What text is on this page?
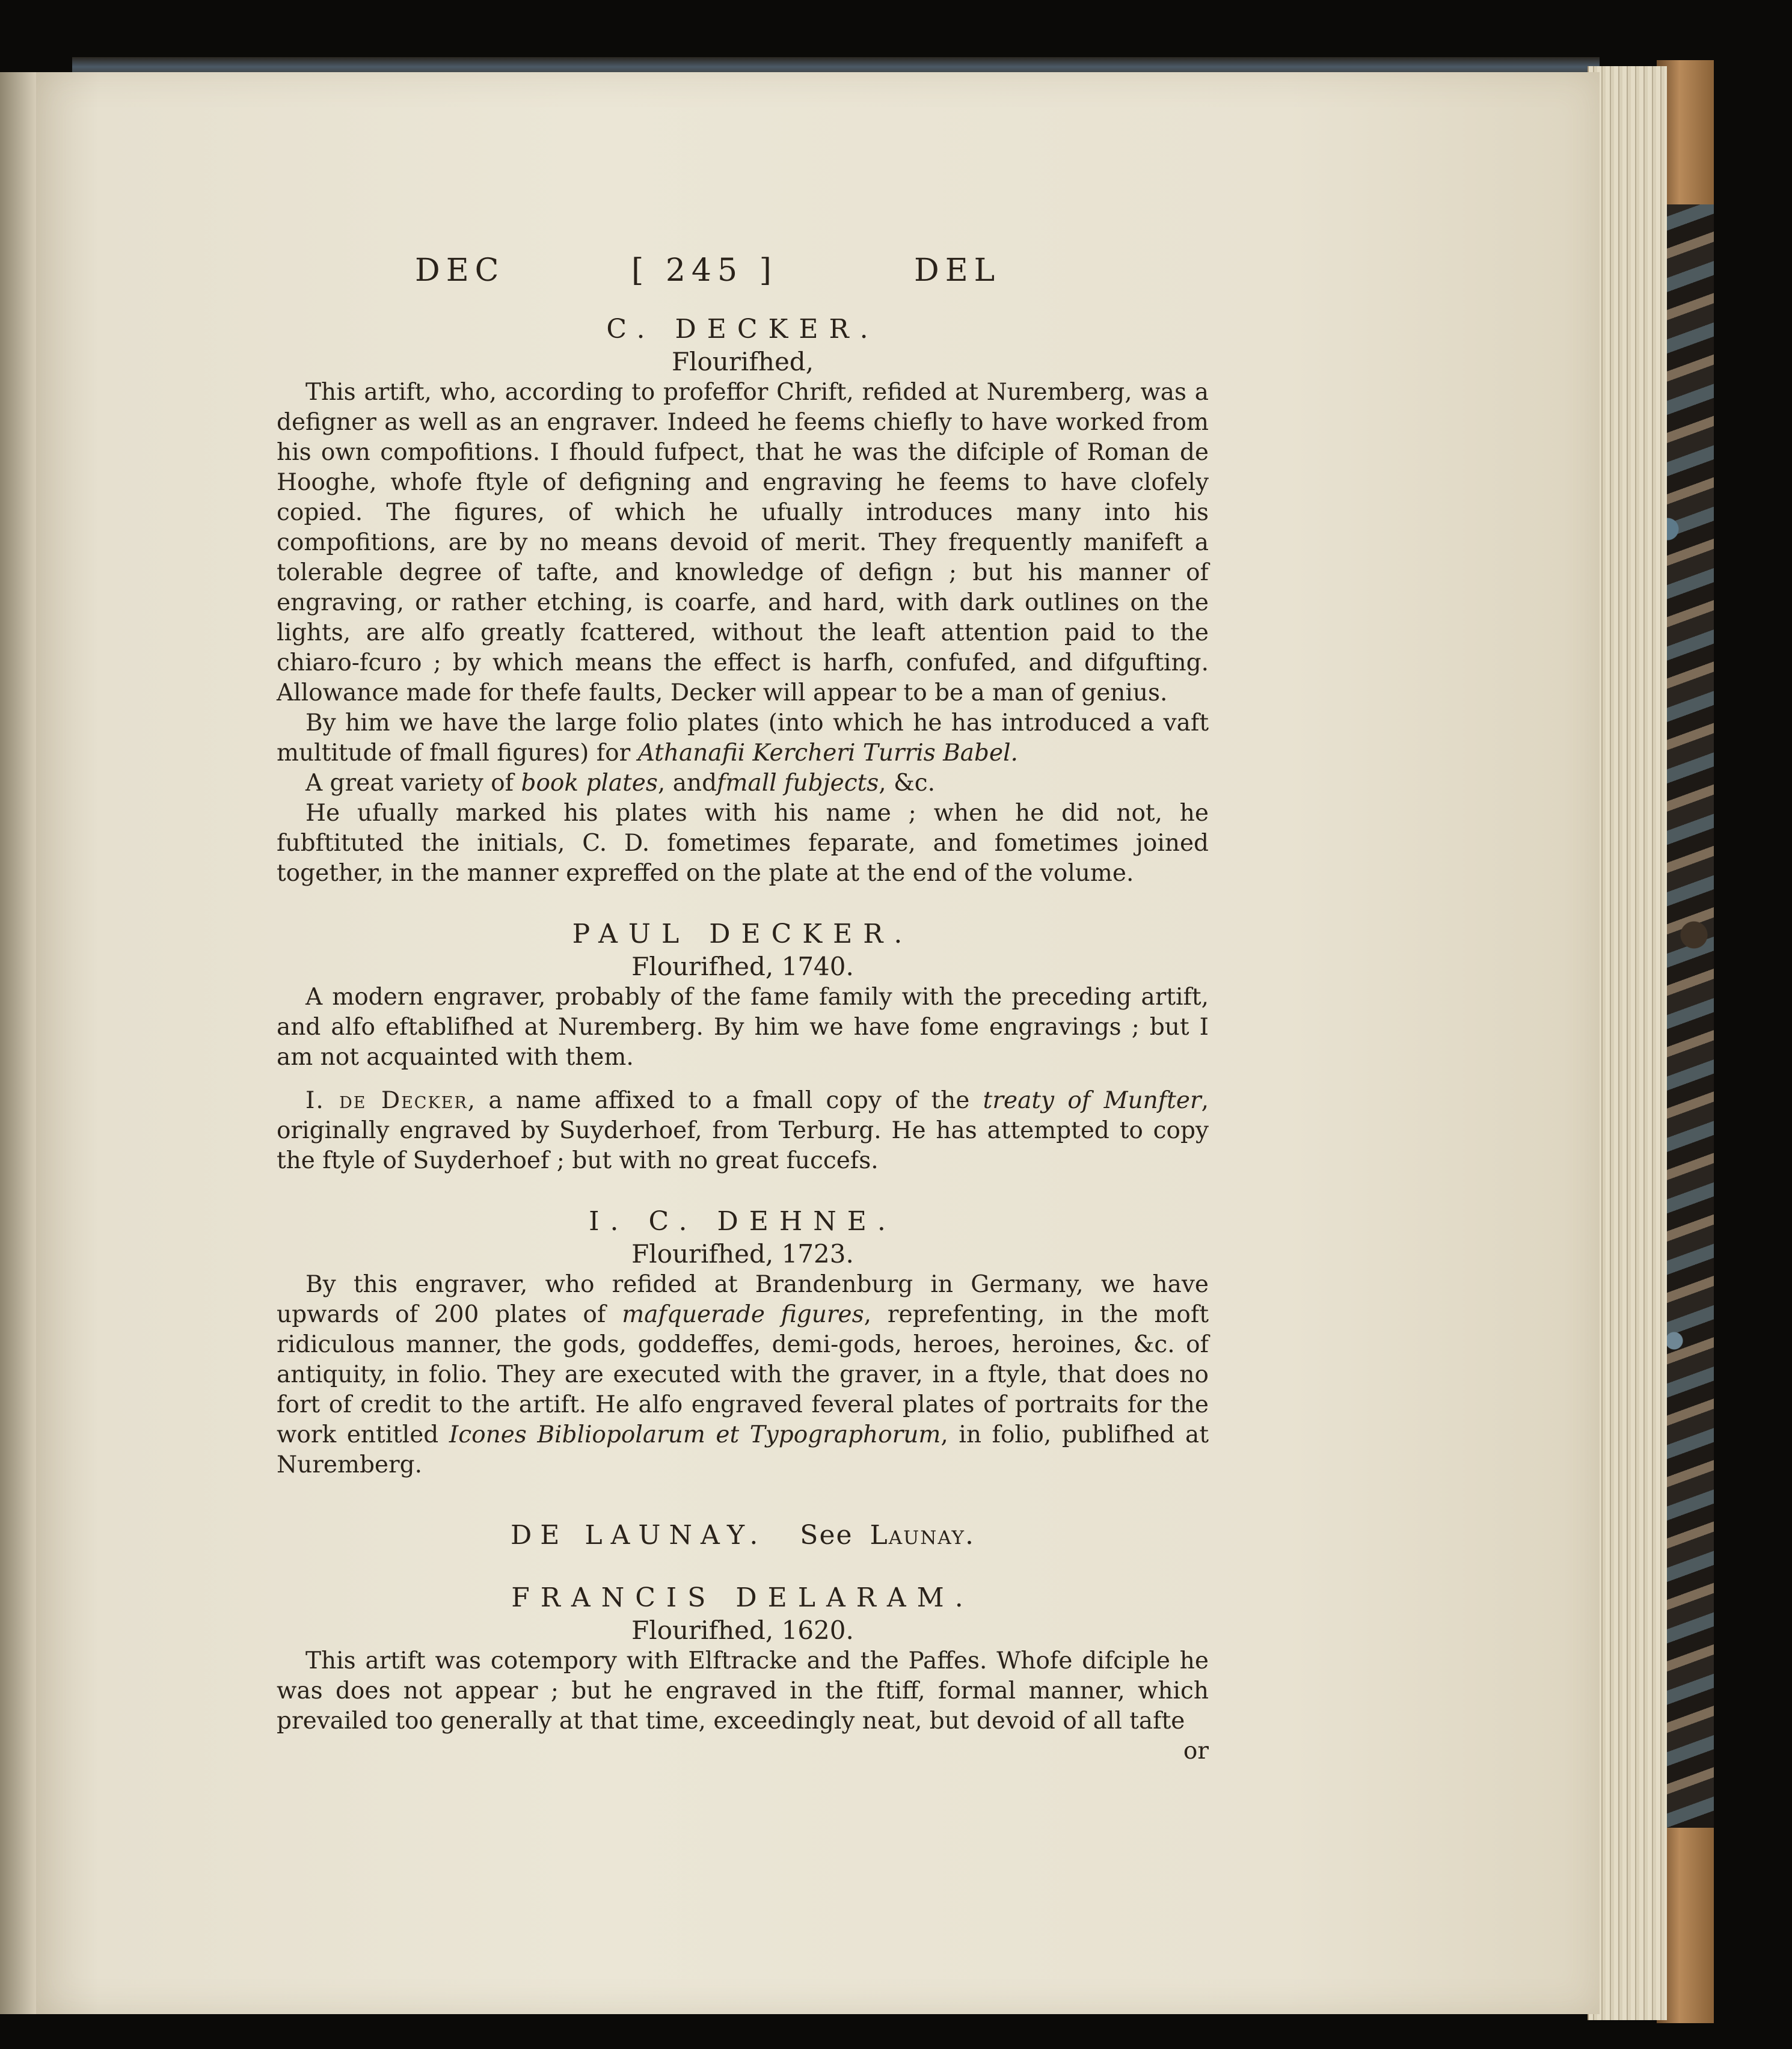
DEC	[ 245 ]	DEL
C. DECKER.
Flourifhed,

This artift, who, according to profeffor Chrift, refided at Nuremberg, was a defigner as well as an engraver. Indeed he feems chiefly to have worked from his own compofitions. I fhould fufpect, that he was the difciple of Roman de Hooghe, whofe ftyle of defigning and engraving he feems to have clofely copied. The figures, of which he ufually introduces many into his compofitions, are by no means devoid of merit. They frequently manifeft a tolerable degree of tafte, and knowledge of defign ; but his manner of engraving, or rather etching, is coarfe, and hard, with dark outlines on the lights, are alfo greatly fcattered, without the leaft attention paid to the chiaro-fcuro ; by which means the effect is harfh, confufed, and difgufting. Allowance made for thefe faults, Decker will appear to be a man of genius.

By him we have the large folio plates (into which he has introduced a vaft multitude of fmall figures) for Athanafii Kercheri Turris Babel.

A great variety of book plates, andfmall fubjects, &c.

He ufually marked his plates with his name ; when he did not, he fubftituted the initials, C. D. fometimes feparate, and fometimes joined together, in the manner expreffed on the plate at the end of the volume.

PAUL DECKER.
Flourifhed, 1740.

A modern engraver, probably of the fame family with the preceding artift, and alfo eftablifhed at Nuremberg. By him we have fome engravings ; but I am not acquainted with them.

I. de Decker, a name affixed to a fmall copy of the treaty of Munfter, originally engraved by Suyderhoef, from Terburg. He has attempted to copy the ftyle of Suyderhoef ; but with no great fuccefs.

I. C. DEHNE.
Flourifhed, 1723.

By this engraver, who refided at Brandenburg in Germany, we have upwards of 200 plates of mafquerade figures, reprefenting, in the moft ridiculous manner, the gods, goddeffes, demi-gods, heroes, heroines, &c. of antiquity, in folio. They are executed with the graver, in a ftyle, that does no fort of credit to the artift. He alfo engraved feveral plates of portraits for the work entitled Icones Bibliopolarum et Typographorum, in folio, publifhed at Nuremberg.

DE LAUNAY. See Launay.
FRANCIS DELARAM.
Flourifhed, 1620.

This artift was cotempory with Elftracke and the Paffes. Whofe difciple he was does not appear ; but he engraved in the ftiff, formal manner, which prevailed too generally at that time, exceedingly neat, but devoid of all tafte

or
